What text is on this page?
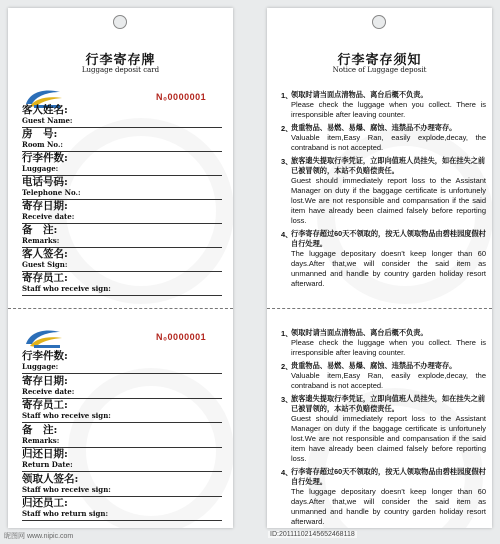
行李寄存牌
Luggage deposit card
N₀0000001
客人姓名:
Guest Name:
房　号:
Room No.:
行李件数:
Luggage:
电话号码:
Telephone No.:
寄存日期:
Receive date:
备　注:
Remarks:
客人签名:
Guest Sign:
寄存员工:
Staff who receive sign:
N₀0000001
行李件数:
Luggage:
寄存日期:
Receive date:
寄存员工:
Staff who receive sign:
备　注:
Remarks:
归还日期:
Return Date:
领取人签名:
Staff who receive sign:
归还员工:
Staff who return sign:
行李寄存须知
Notice of Luggage deposit
1、
领取时请当面点清物品、离台后概不负责。
Please check the luggage when you collect. There is irresponsible after leaving counter.
2、
贵重物品、易燃、易爆、腐蚀、违禁品不办理寄存。
Valuable item,Easy Ran, easily explode,decay, the contraband is not accepted.
3、
旅客遗失提取行李凭证，立即向值班人员挂失，如在挂失之前已被冒领的，本站不负赔偿责任。
Guest should immediately report loss to the Assistant Manager on duty if the baggage certificate is unfortunely lost.We are not responsible and compansation if the said item have already been claimed falsely before reporting loss.
4、
行李寄存超过60天不领取的，按无人领取物品由碧桂园度假村自行处理。
The luggage depositary doesn't keep longer than 60 days.After that,we will consider the said item as unmanned and handle by country garden holiday resort afterward.
1、
领取时请当面点清物品、离台后概不负责。
Please check the luggage when you collect. There is irresponsible after leaving counter.
2、
贵重物品、易燃、易爆、腐蚀、违禁品不办理寄存。
Valuable item,Easy Ran, easily explode,decay, the contraband is not accepted.
3、
旅客遗失提取行李凭证，立即向值班人员挂失，如在挂失之前已被冒领的，本站不负赔偿责任。
Guest should immediately report loss to the Assistant Manager on duty if the baggage certificate is unfortunely lost.We are not responsible and compansation if the said item have already been claimed falsely before reporting loss.
4、
行李寄存超过60天不领取的，按无人领取物品由碧桂园度假村自行处理。
The luggage depositary doesn't keep longer than 60 days.After that,we will consider the said item as unmanned and handle by country garden holiday resort afterward.
昵图网 www.nipic.com	ID:20111102145652468118
